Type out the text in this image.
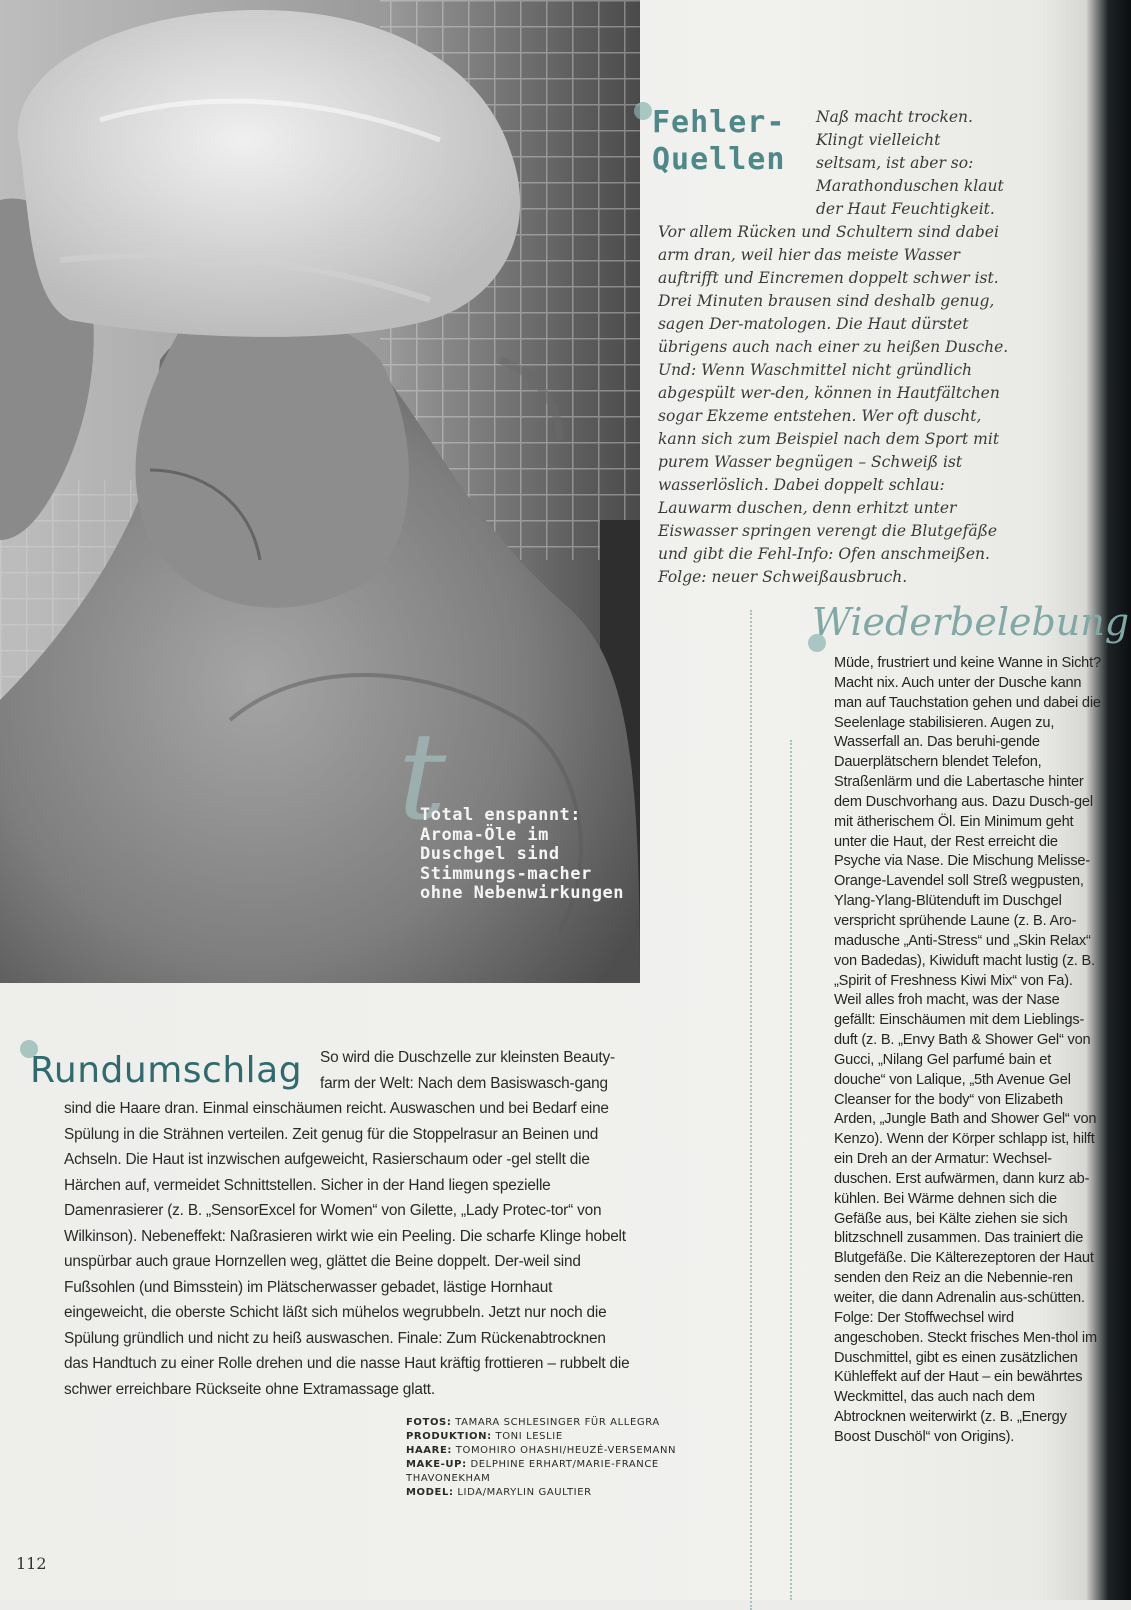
t
Total enspannt: Aroma-Öle im Duschgel sind Stimmungs-macher ohne Nebenwirkungen
Fehler-
Quellen
Naß macht trocken. Klingt vielleicht seltsam, ist aber so: Marathonduschen klaut der Haut Feuchtigkeit. Vor allem Rücken und Schultern sind dabei arm dran, weil hier das meiste Wasser auftrifft und Eincremen doppelt schwer ist. Drei Minuten brausen sind deshalb genug, sagen Der-matologen. Die Haut dürstet übrigens auch nach einer zu heißen Dusche. Und: Wenn Waschmittel nicht gründlich abgespült wer-den, können in Hautfältchen sogar Ekzeme entstehen. Wer oft duscht, kann sich zum Beispiel nach dem Sport mit purem Wasser begnügen – Schweiß ist wasserlöslich. Dabei doppelt schlau: Lauwarm duschen, denn erhitzt unter Eiswasser springen verengt die Blutgefäße und gibt die Fehl-Info: Ofen anschmeißen. Folge: neuer Schweißausbruch.
Wiederbelebung
Müde, frustriert und keine Wanne in Sicht? Macht nix. Auch unter der Dusche kann man auf Tauchstation gehen und dabei die Seelenlage stabilisieren. Augen zu, Wasserfall an. Das beruhi-gende Dauerplätschern blendet Telefon, Straßenlärm und die Labertasche hinter dem Duschvorhang aus. Dazu Dusch-gel mit ätherischem Öl. Ein Minimum geht unter die Haut, der Rest erreicht die Psyche via Nase. Die Mischung Melisse-Orange-Lavendel soll Streß wegpusten, Ylang-Ylang-Blütenduft im Duschgel verspricht sprühende Laune (z. B. Aro-madusche „Anti-Stress“ und „Skin Relax“ von Badedas), Kiwiduft macht lustig (z. B. „Spirit of Freshness Kiwi Mix“ von Fa). Weil alles froh macht, was der Nase gefällt: Einschäumen mit dem Lieblings-duft (z. B. „Envy Bath & Shower Gel“ von Gucci, „Nilang Gel parfumé bain et douche“ von Lalique, „5th Avenue Gel Cleanser for the body“ von Elizabeth Arden, „Jungle Bath and Shower Gel“ von Kenzo). Wenn der Körper schlapp ist, hilft ein Dreh an der Armatur: Wechsel-duschen. Erst aufwärmen, dann kurz ab-kühlen. Bei Wärme dehnen sich die Gefäße aus, bei Kälte ziehen sie sich blitzschnell zusammen. Das trainiert die Blutgefäße. Die Kälterezeptoren der Haut senden den Reiz an die Nebennie-ren weiter, die dann Adrenalin aus-schütten. Folge: Der Stoffwechsel wird angeschoben. Steckt frisches Men-thol im Duschmittel, gibt es einen zusätzlichen Kühleffekt auf der Haut – ein bewährtes Weckmittel, das auch nach dem Abtrocknen weiterwirkt (z. B. „Energy Boost Duschöl“ von Origins).
Rundumschlag	So wird die Duschzelle zur kleinsten Beauty-farm der Welt: Nach dem Basiswasch-gang sind die Haare dran. Einmal einschäumen reicht. Auswaschen und bei Bedarf eine Spülung in die Strähnen verteilen. Zeit genug für die Stoppelrasur an Beinen und Achseln. Die Haut ist inzwischen aufgeweicht, Rasierschaum oder -gel stellt die Härchen auf, vermeidet Schnittstellen. Sicher in der Hand liegen spezielle Damenrasierer (z. B. „SensorExcel for Women“ von Gilette, „Lady Protec-tor“ von Wilkinson). Nebeneffekt: Naßrasieren wirkt wie ein Peeling. Die scharfe Klinge hobelt unspürbar auch graue Hornzellen weg, glättet die Beine doppelt. Der-weil sind Fußsohlen (und Bimsstein) im Plätscherwasser gebadet, lästige Hornhaut eingeweicht, die oberste Schicht läßt sich mühelos wegrubbeln. Jetzt nur noch die Spülung gründlich und nicht zu heiß auswaschen. Finale: Zum Rückenabtrocknen das Handtuch zu einer Rolle drehen und die nasse Haut kräftig frottieren – rubbelt die schwer erreichbare Rückseite ohne Extramassage glatt.
FOTOS: TAMARA SCHLESINGER FÜR ALLEGRA
PRODUKTION: TONI LESLIE
HAARE: TOMOHIRO OHASHI/HEUZÉ-VERSEMANN
MAKE-UP: DELPHINE ERHART/MARIE-FRANCE THAVONEKHAM
MODEL: LIDA/MARYLIN GAULTIER
112
